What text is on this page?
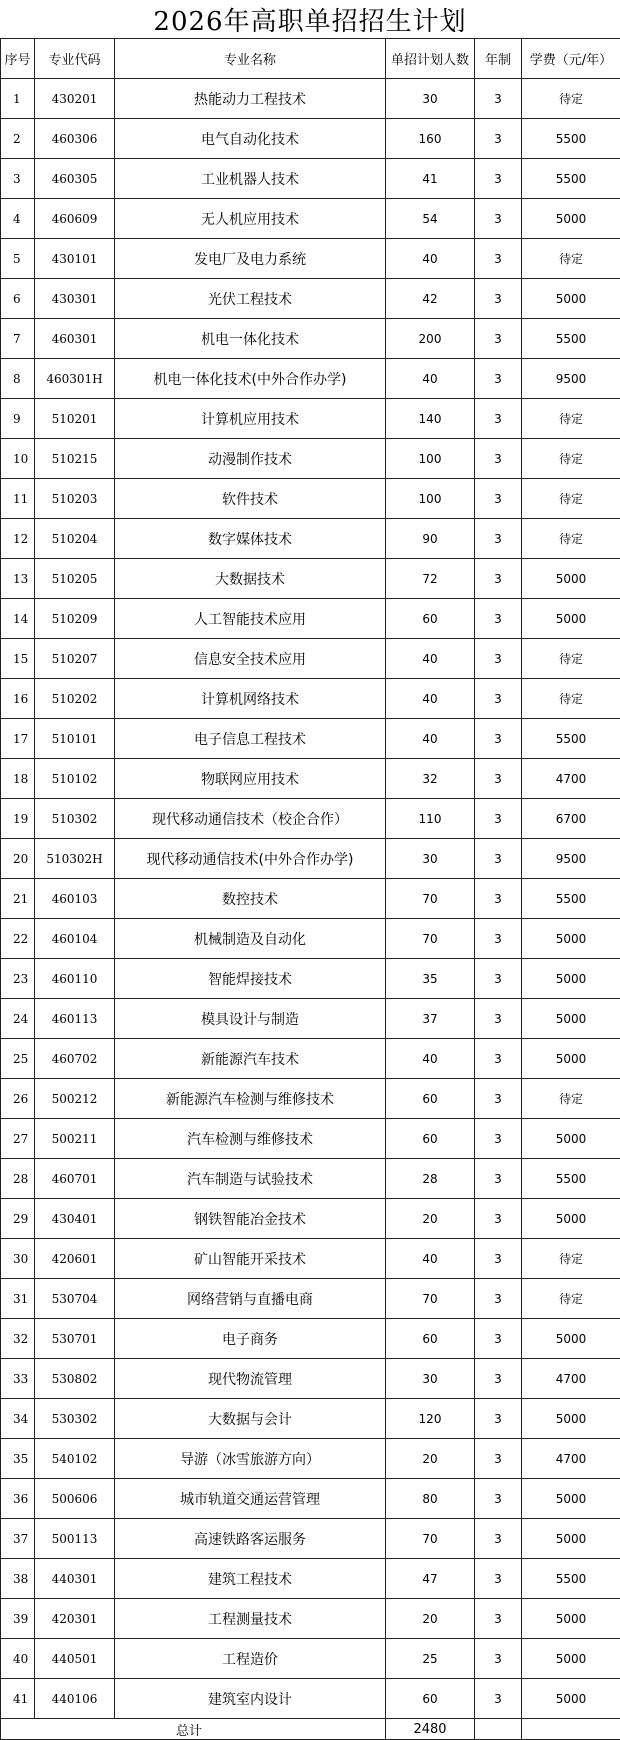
2026年高职单招招生计划
序号	专业代码	专业名称	单招计划人数	年制	学费（元/年）
1	430201	热能动力工程技术	30	3	待定
2	460306	电气自动化技术	160	3	5500
3	460305	工业机器人技术	41	3	5500
4	460609	无人机应用技术	54	3	5000
5	430101	发电厂及电力系统	40	3	待定
6	430301	光伏工程技术	42	3	5000
7	460301	机电一体化技术	200	3	5500
8	460301H	机电一体化技术(中外合作办学)	40	3	9500
9	510201	计算机应用技术	140	3	待定
10	510215	动漫制作技术	100	3	待定
11	510203	软件技术	100	3	待定
12	510204	数字媒体技术	90	3	待定
13	510205	大数据技术	72	3	5000
14	510209	人工智能技术应用	60	3	5000
15	510207	信息安全技术应用	40	3	待定
16	510202	计算机网络技术	40	3	待定
17	510101	电子信息工程技术	40	3	5500
18	510102	物联网应用技术	32	3	4700
19	510302	现代移动通信技术（校企合作）	110	3	6700
20	510302H	现代移动通信技术(中外合作办学)	30	3	9500
21	460103	数控技术	70	3	5500
22	460104	机械制造及自动化	70	3	5000
23	460110	智能焊接技术	35	3	5000
24	460113	模具设计与制造	37	3	5000
25	460702	新能源汽车技术	40	3	5000
26	500212	新能源汽车检测与维修技术	60	3	待定
27	500211	汽车检测与维修技术	60	3	5000
28	460701	汽车制造与试验技术	28	3	5500
29	430401	钢铁智能冶金技术	20	3	5000
30	420601	矿山智能开采技术	40	3	待定
31	530704	网络营销与直播电商	70	3	待定
32	530701	电子商务	60	3	5000
33	530802	现代物流管理	30	3	4700
34	530302	大数据与会计	120	3	5000
35	540102	导游（冰雪旅游方向）	20	3	4700
36	500606	城市轨道交通运营管理	80	3	5000
37	500113	高速铁路客运服务	70	3	5000
38	440301	建筑工程技术	47	3	5500
39	420301	工程测量技术	20	3	5000
40	440501	工程造价	25	3	5000
41	440106	建筑室内设计	60	3	5000
总计			2480		
